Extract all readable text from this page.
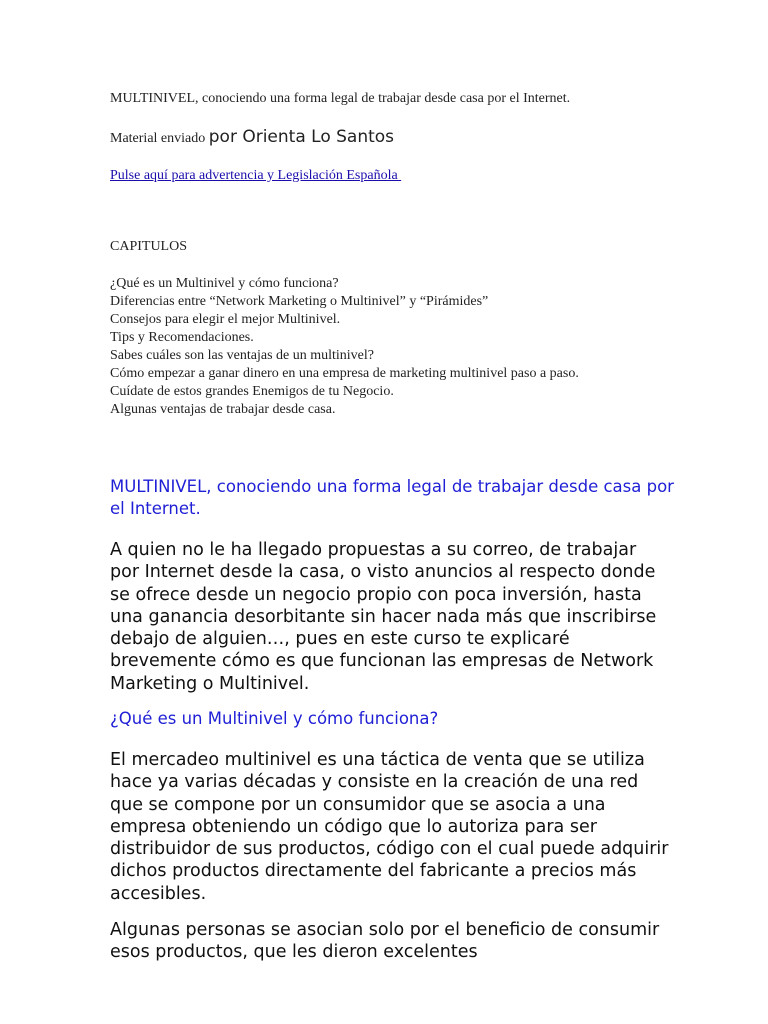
MULTINIVEL, conociendo una forma legal de trabajar desde casa por el Internet.
Material enviado por Orienta Lo Santos
Pulse aquí para advertencia y Legislación Española
CAPITULOS
¿Qué es un Multinivel y cómo funciona?
Diferencias entre “Network Marketing o Multinivel” y “Pirámides”
Consejos para elegir el mejor Multinivel.
Tips y Recomendaciones.
Sabes cuáles son las ventajas de un multinivel?
Cómo empezar a ganar dinero en una empresa de marketing multinivel paso a paso.
Cuídate de estos grandes Enemigos de tu Negocio.
Algunas ventajas de trabajar desde casa.
MULTINIVEL, conociendo una forma legal de trabajar desde casa por el Internet.

A quien no le ha llegado propuestas a su correo, de trabajar por Internet desde la casa, o visto anuncios al respecto donde se ofrece desde un negocio propio con poca inversión, hasta una ganancia desorbitante sin hacer nada más que inscribirse debajo de alguien…, pues en este curso te explicaré brevemente cómo es que funcionan las empresas de Network Marketing o Multinivel.

¿Qué es un Multinivel y cómo funciona?

El mercadeo multinivel es una táctica de venta que se utiliza hace ya varias décadas y consiste en la creación de una red que se compone por un consumidor que se asocia a una empresa obteniendo un código que lo autoriza para ser distribuidor de sus productos, código con el cual puede adquirir dichos productos directamente del fabricante a precios más accesibles.

Algunas personas se asocian solo por el beneficio de consumir esos productos, que les dieron excelentes
